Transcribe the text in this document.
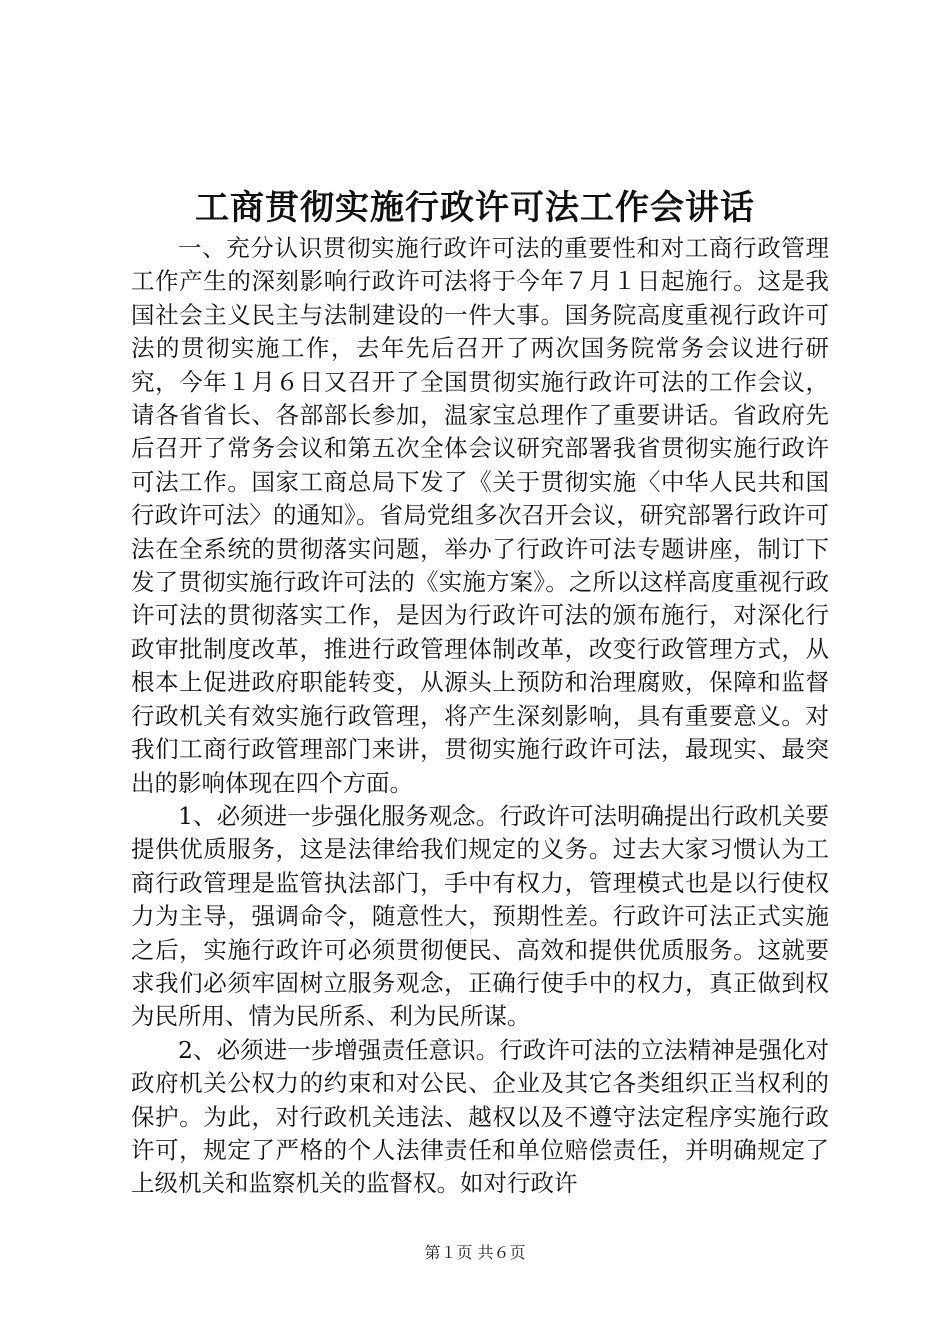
工商贯彻实施行政许可法工作会讲话

一、充分认识贯彻实施行政许可法的重要性和对工商行政管理工作产生的深刻影响行政许可法将于今年７月１日起施行。这是我国社会主义民主与法制建设的一件大事。国务院高度重视行政许可法的贯彻实施工作，去年先后召开了两次国务院常务会议进行研究，今年１月６日又召开了全国贯彻实施行政许可法的工作会议，请各省省长、各部部长参加，温家宝总理作了重要讲话。省政府先后召开了常务会议和第五次全体会议研究部署我省贯彻实施行政许可法工作。国家工商总局下发了《关于贯彻实施〈中华人民共和国行政许可法〉的通知》。省局党组多次召开会议，研究部署行政许可法在全系统的贯彻落实问题，举办了行政许可法专题讲座，制订下发了贯彻实施行政许可法的《实施方案》。之所以这样高度重视行政许可法的贯彻落实工作，是因为行政许可法的颁布施行，对深化行政审批制度改革，推进行政管理体制改革，改变行政管理方式，从根本上促进政府职能转变，从源头上预防和治理腐败，保障和监督行政机关有效实施行政管理，将产生深刻影响，具有重要意义。对我们工商行政管理部门来讲，贯彻实施行政许可法，最现实、最突出的影响体现在四个方面。

1、必须进一步强化服务观念。行政许可法明确提出行政机关要提供优质服务，这是法律给我们规定的义务。过去大家习惯认为工商行政管理是监管执法部门，手中有权力，管理模式也是以行使权力为主导，强调命令，随意性大，预期性差。行政许可法正式实施之后，实施行政许可必须贯彻便民、高效和提供优质服务。这就要求我们必须牢固树立服务观念，正确行使手中的权力，真正做到权为民所用、情为民所系、利为民所谋。

2、必须进一步增强责任意识。行政许可法的立法精神是强化对政府机关公权力的约束和对公民、企业及其它各类组织正当权利的保护。为此，对行政机关违法、越权以及不遵守法定程序实施行政许可，规定了严格的个人法律责任和单位赔偿责任，并明确规定了上级机关和监察机关的监督权。如对行政许

第１页 共６页
